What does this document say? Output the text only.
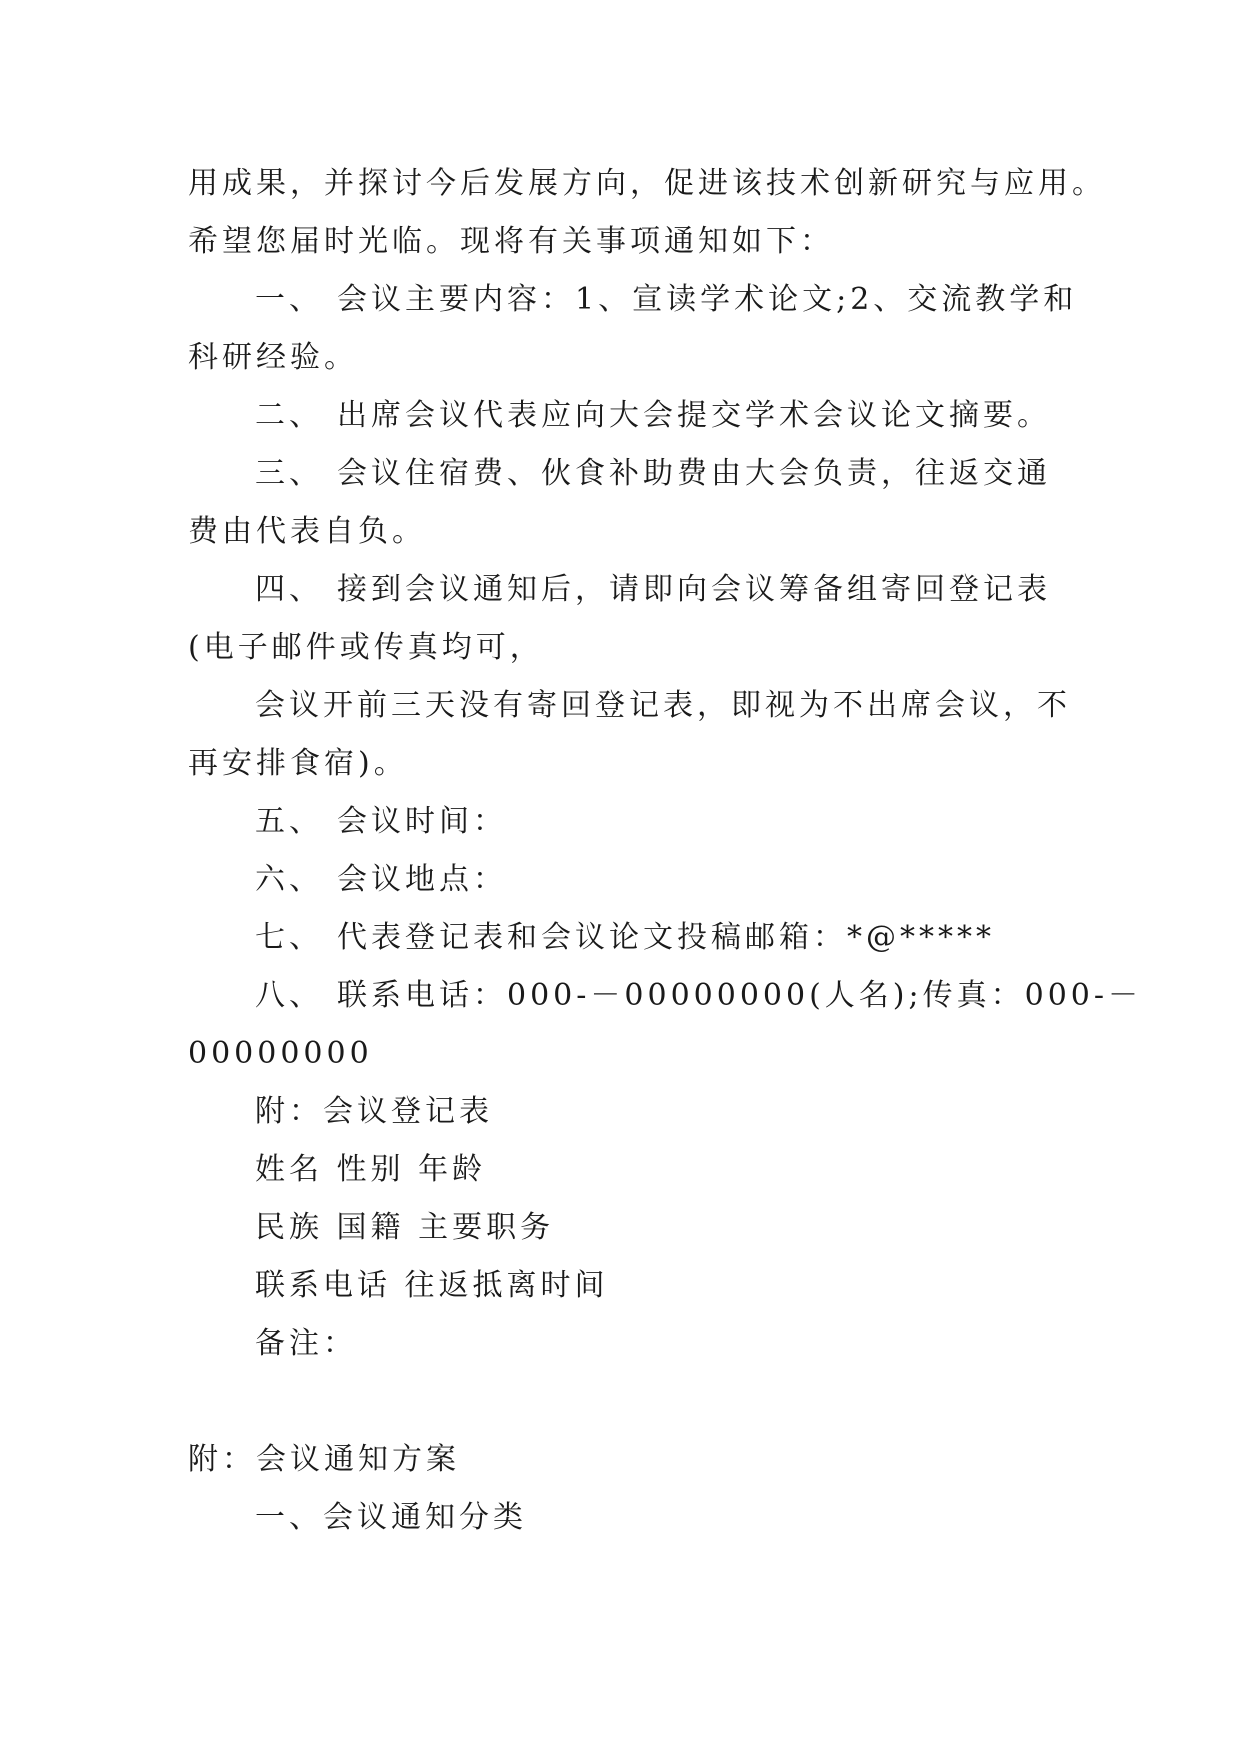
用成果，并探讨今后发展方向，促进该技术创新研究与应用。
希望您届时光临。现将有关事项通知如下：
一、 会议主要内容：1、宣读学术论文;2、交流教学和
科研经验。
二、 出席会议代表应向大会提交学术会议论文摘要。
三、 会议住宿费、伙食补助费由大会负责，往返交通
费由代表自负。
四、 接到会议通知后，请即向会议筹备组寄回登记表
(电子邮件或传真均可，
会议开前三天没有寄回登记表，即视为不出席会议，不
再安排食宿)。
五、 会议时间：
六、 会议地点：
七、 代表登记表和会议论文投稿邮箱：*@*****
八、 联系电话：000-－00000000(人名);传真：000-－
00000000
附：会议登记表
姓名 性别 年龄
民族 国籍 主要职务
联系电话 往返抵离时间
备注：
附：会议通知方案
一、会议通知分类
